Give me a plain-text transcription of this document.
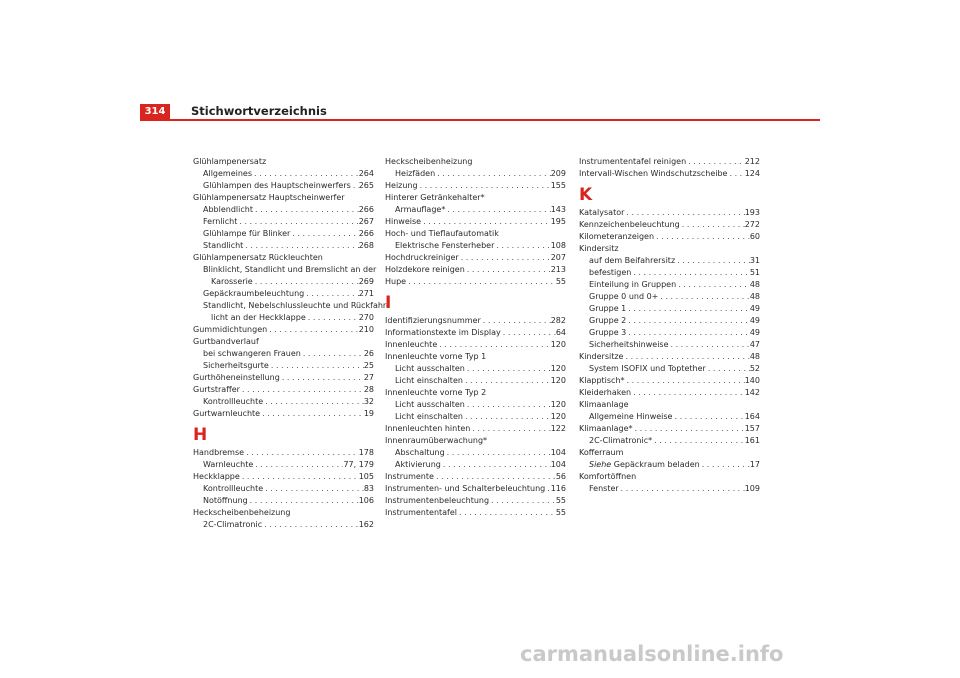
314	Stichwortverzeichnis
Glühlampenersatz
Allgemeines . . .	264
Glühlampen des Hauptscheinwerfers . . . 265
Glühlampenersatz Hauptscheinwerfer
Abblendlicht . . .	266
Fernlicht . . .	267
Glühlampe für Blinker . . .	266
Standlicht . . .	268
Glühlampenersatz Rückleuchten
Blinklicht, Standlicht und Bremslicht an der
Karosserie . . .	269
Gepäckraumbeleuchtung . . .	271
Standlicht, Nebelschlussleuchte und Rückfahr-
licht an der Heckklappe . . .	270
Gummidichtungen . . .	210
Gurtbandverlauf
bei schwangeren Frauen . . .	26
Sicherheitsgurte . . .	25
Gurthöheneinstellung . . .	27
Gurtstraffer . . .	28
Kontrollleuchte . . .	32
Gurtwarnleuchte . . .	19
H
Handbremse . . .	178
Warnleuchte . . .	77, 179
Heckklappe . . .	105
Kontrollleuchte . . .	83
Notöffnung . . .	106
Heckscheibenbeheizung
2C-Climatronic . . .	162
Heckscheibenheizung
Heizfäden . . .	209
Heizung . . .	155
Hinterer Getränkehalter*
Armauflage* . . .	143
Hinweise . . .	195
Hoch- und Tieflaufautomatik
Elektrische Fensterheber . . .	108
Hochdruckreiniger . . .	207
Holzdekore reinigen . . .	213
Hupe . . .	55
I
Identifizierungsnummer . . .	282
Informationstexte im Display . . .	64
Innenleuchte . . .	120
Innenleuchte vorne Typ 1
Licht ausschalten . . .	120
Licht einschalten . . .	120
Innenleuchte vorne Typ 2
Licht ausschalten . . .	120
Licht einschalten . . .	120
Innenleuchten hinten . . .	122
Innenraumüberwachung*
Abschaltung . . .	104
Aktivierung . . .	104
Instrumente . . .	56
Instrumenten- und Schalterbeleuchtung . . . 116
Instrumentenbeleuchtung . . .	55
Instrumententafel . . .	55
Instrumententafel reinigen . . .	212
Intervall-Wischen Windschutzscheibe . . . 124
K
Katalysator . . .	193
Kennzeichenbeleuchtung . . .	272
Kilometeranzeigen . . .	60
Kindersitz
auf dem Beifahrersitz . . .	31
befestigen . . .	51
Einteilung in Gruppen . . .	48
Gruppe 0 und 0+ . . .	48
Gruppe 1 . . .	49
Gruppe 2 . . .	49
Gruppe 3 . . .	49
Sicherheitshinweise . . .	47
Kindersitze . . .	48
System ISOFIX und Toptether . . .	52
Klapptisch* . . .	140
Kleiderhaken . . .	142
Klimaanlage
Allgemeine Hinweise . . .	164
Klimaanlage* . . .	157
2C-Climatronic* . . .	161
Kofferraum
Siehe Gepäckraum beladen . . .	17
Komfortöffnen
Fenster . . .	109
carmanualsonline.info
